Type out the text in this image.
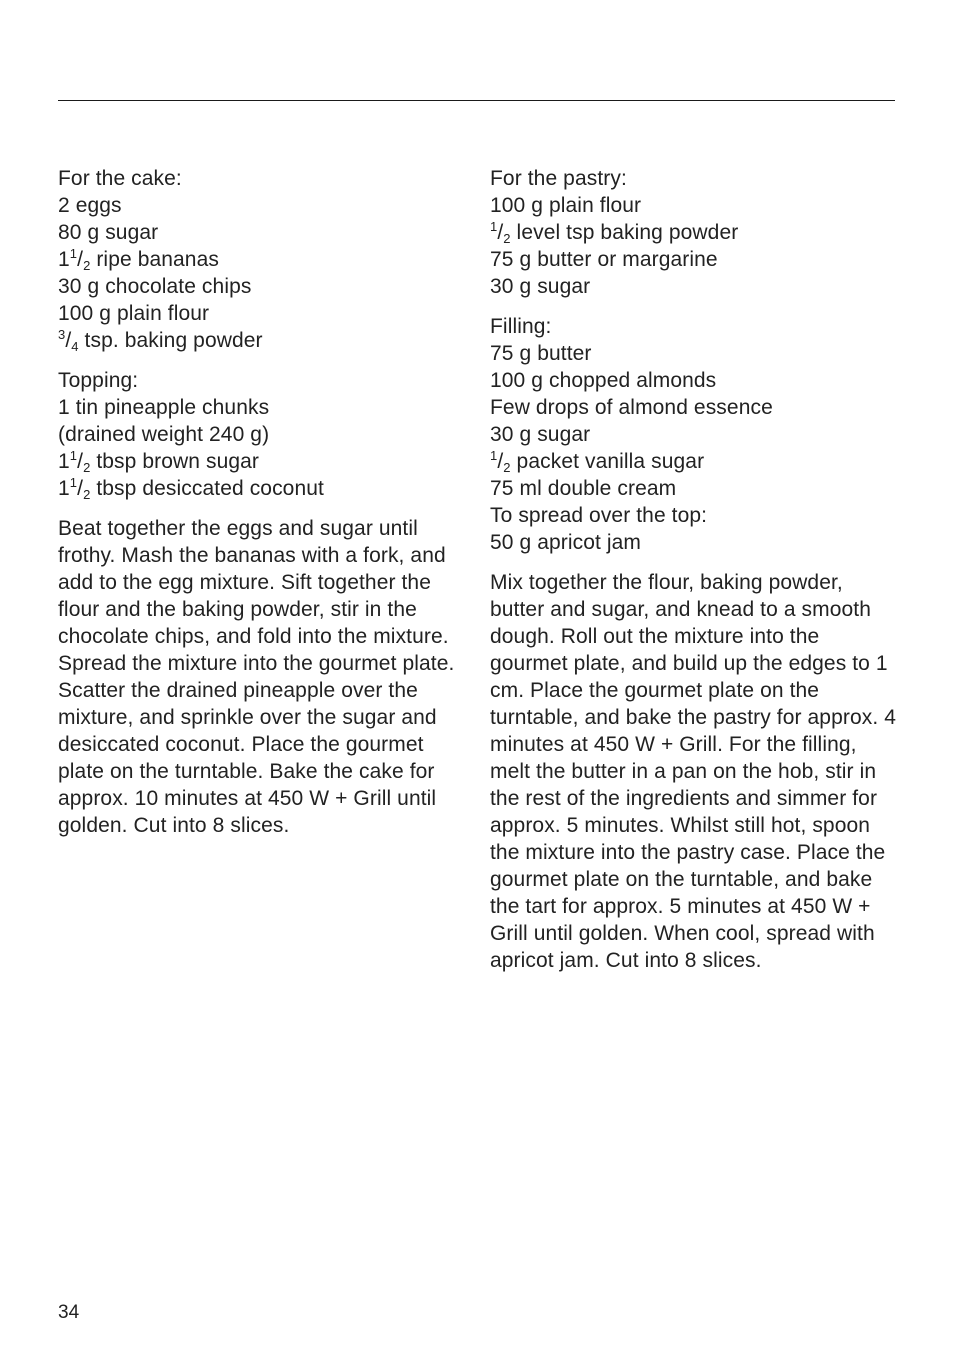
For the cake:
2 eggs
80 g sugar
$1^1/_2$ ripe bananas
30 g chocolate chips
100 g plain flour
$^3/_4$ tsp. baking powder
Topping:
1 tin pineapple chunks
(drained weight 240 g)
$1^1/_2$ tbsp brown sugar
$1^1/_2$ tbsp desiccated coconut
Beat together the eggs and sugar until frothy. Mash the bananas with a fork, and add to the egg mixture. Sift together the flour and the baking powder, stir in the chocolate chips, and fold into the mixture. Spread the mixture into the gourmet plate. Scatter the drained pineapple over the mixture, and sprinkle over the sugar and desiccated coconut. Place the gourmet plate on the turntable. Bake the cake for approx. 10 minutes at 450 W + Grill until golden. Cut into 8 slices.
For the pastry:
100 g plain flour
$^1/_2$ level tsp baking powder
75 g butter or margarine
30 g sugar
Filling:
75 g butter
100 g chopped almonds
Few drops of almond essence
30 g sugar
$^1/_2$ packet vanilla sugar
75 ml double cream
To spread over the top:
50 g apricot jam
Mix together the flour, baking powder, butter and sugar, and knead to a smooth dough. Roll out the mixture into the gourmet plate, and build up the edges to 1 cm. Place the gourmet plate on the turntable, and bake the pastry for approx. 4 minutes at 450 W + Grill. For the filling, melt the butter in a pan on the hob, stir in the rest of the ingredients and simmer for approx. 5 minutes. Whilst still hot, spoon the mixture into the pastry case. Place the gourmet plate on the turntable, and bake the tart for approx. 5 minutes at 450 W + Grill until golden. When cool, spread with apricot jam. Cut into 8 slices.
34
